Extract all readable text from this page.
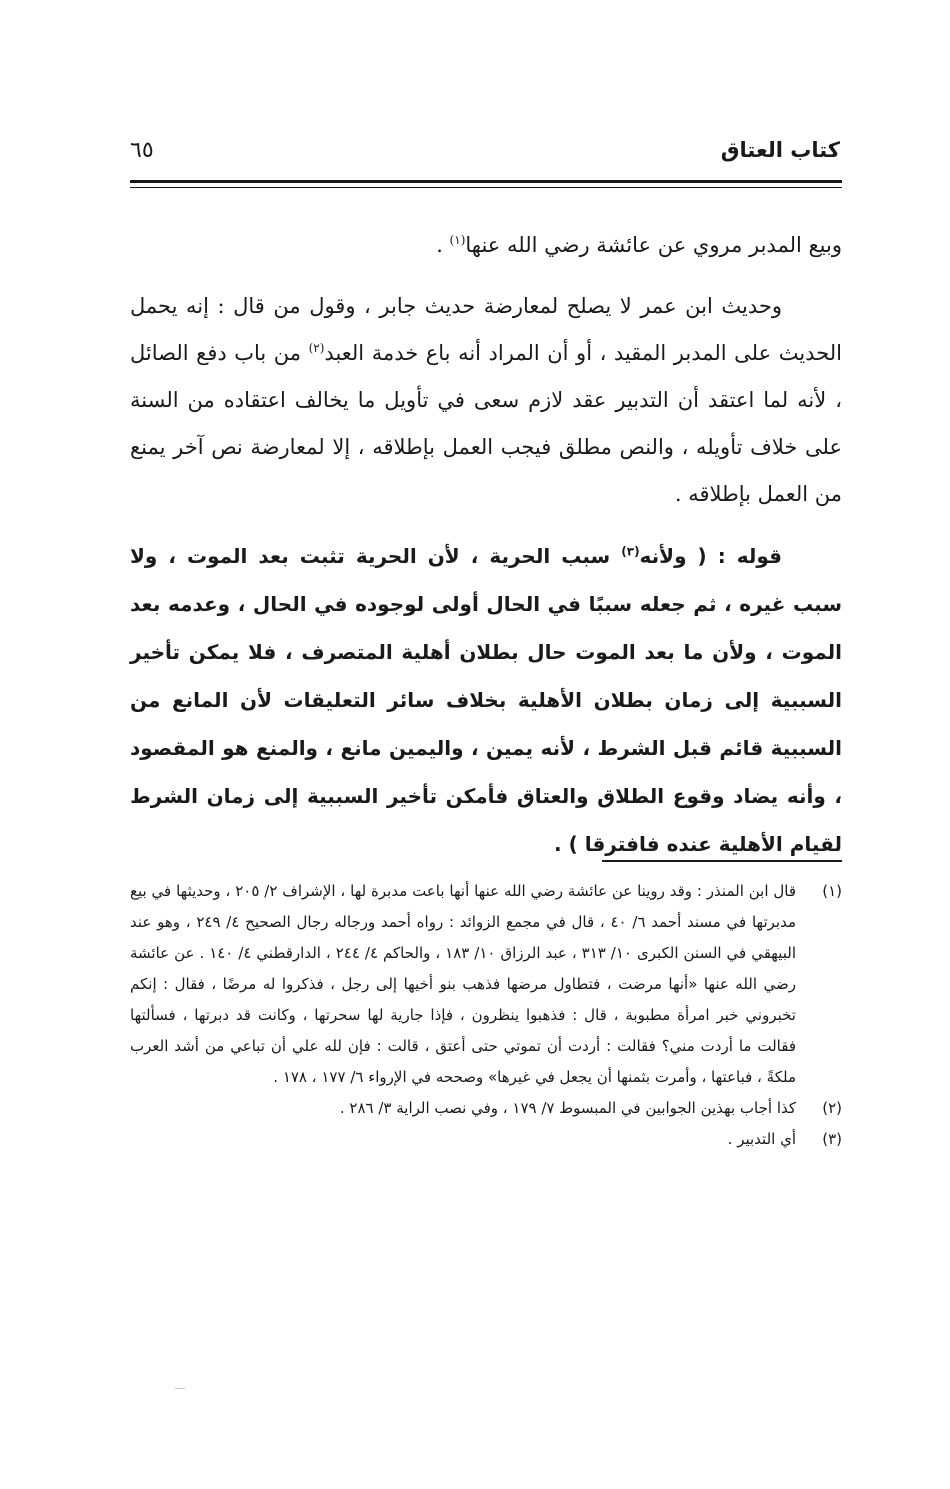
كتاب العتاق
٦٥

وبيع المدبر مروي عن عائشة رضي الله عنها$^{(١)}$ .

وحديث ابن عمر لا يصلح لمعارضة حديث جابر ، وقول من قال : إنه يحمل الحديث على المدبر المقيد ، أو أن المراد أنه باع خدمة العبد$^{(٢)}$ من باب دفع الصائل ، لأنه لما اعتقد أن التدبير عقد لازم سعى في تأويل ما يخالف اعتقاده من السنة على خلاف تأويله ، والنص مطلق فيجب العمل بإطلاقه ، إلا لمعارضة نص آخر يمنع من العمل بإطلاقه .

قوله : ( ولأنه$^{(٣)}$ سبب الحرية ، لأن الحرية تثبت بعد الموت ، ولا سبب غيره ، ثم جعله سببًا في الحال أولى لوجوده في الحال ، وعدمه بعد الموت ، ولأن ما بعد الموت حال بطلان أهلية المتصرف ، فلا يمكن تأخير السببية إلى زمان بطلان الأهلية بخلاف سائر التعليقات لأن المانع من السببية قائم قبل الشرط ، لأنه يمين ، واليمين مانع ، والمنع هو المقصود ، وأنه يضاد وقوع الطلاق والعتاق فأمكن تأخير السببية إلى زمان الشرط لقيام الأهلية عنده فافترقا ) .

(١)
قال ابن المنذر : وقد روينا عن عائشة رضي الله عنها أنها باعت مدبرة لها ، الإشراف ٢/ ٢٠٥ ، وحديثها في بيع مدبرتها في مسند أحمد ٦/ ٤٠ ، قال في مجمع الزوائد : رواه أحمد ورجاله رجال الصحيح ٤/ ٢٤٩ ، وهو عند البيهقي في السنن الكبرى ١٠/ ٣١٣ ، عبد الرزاق ١٠/ ١٨٣ ، والحاكم ٤/ ٢٤٤ ، الدارقطني ٤/ ١٤٠ . عن عائشة رضي الله عنها «أنها مرضت ، فتطاول مرضها فذهب بنو أخيها إلى رجل ، فذكروا له مرضًا ، فقال : إنكم تخبروني خبر امرأة مطبوبة ، قال : فذهبوا ينظرون ، فإذا جارية لها سحرتها ، وكانت قد دبرتها ، فسألتها فقالت ما أردت مني؟ فقالت : أردت أن تموتي حتى أعتق ، قالت : فإن لله علي أن تباعي من أشد العرب ملكةً ، فباعتها ، وأمرت بثمنها أن يجعل في غيرها» وصححه في الإرواء ٦/ ١٧٧ ، ١٧٨ .

(٢)
كذا أجاب بهذين الجوابين في المبسوط ٧/ ١٧٩ ، وفي نصب الراية ٣/ ٢٨٦ .

(٣)
أي التدبير .
